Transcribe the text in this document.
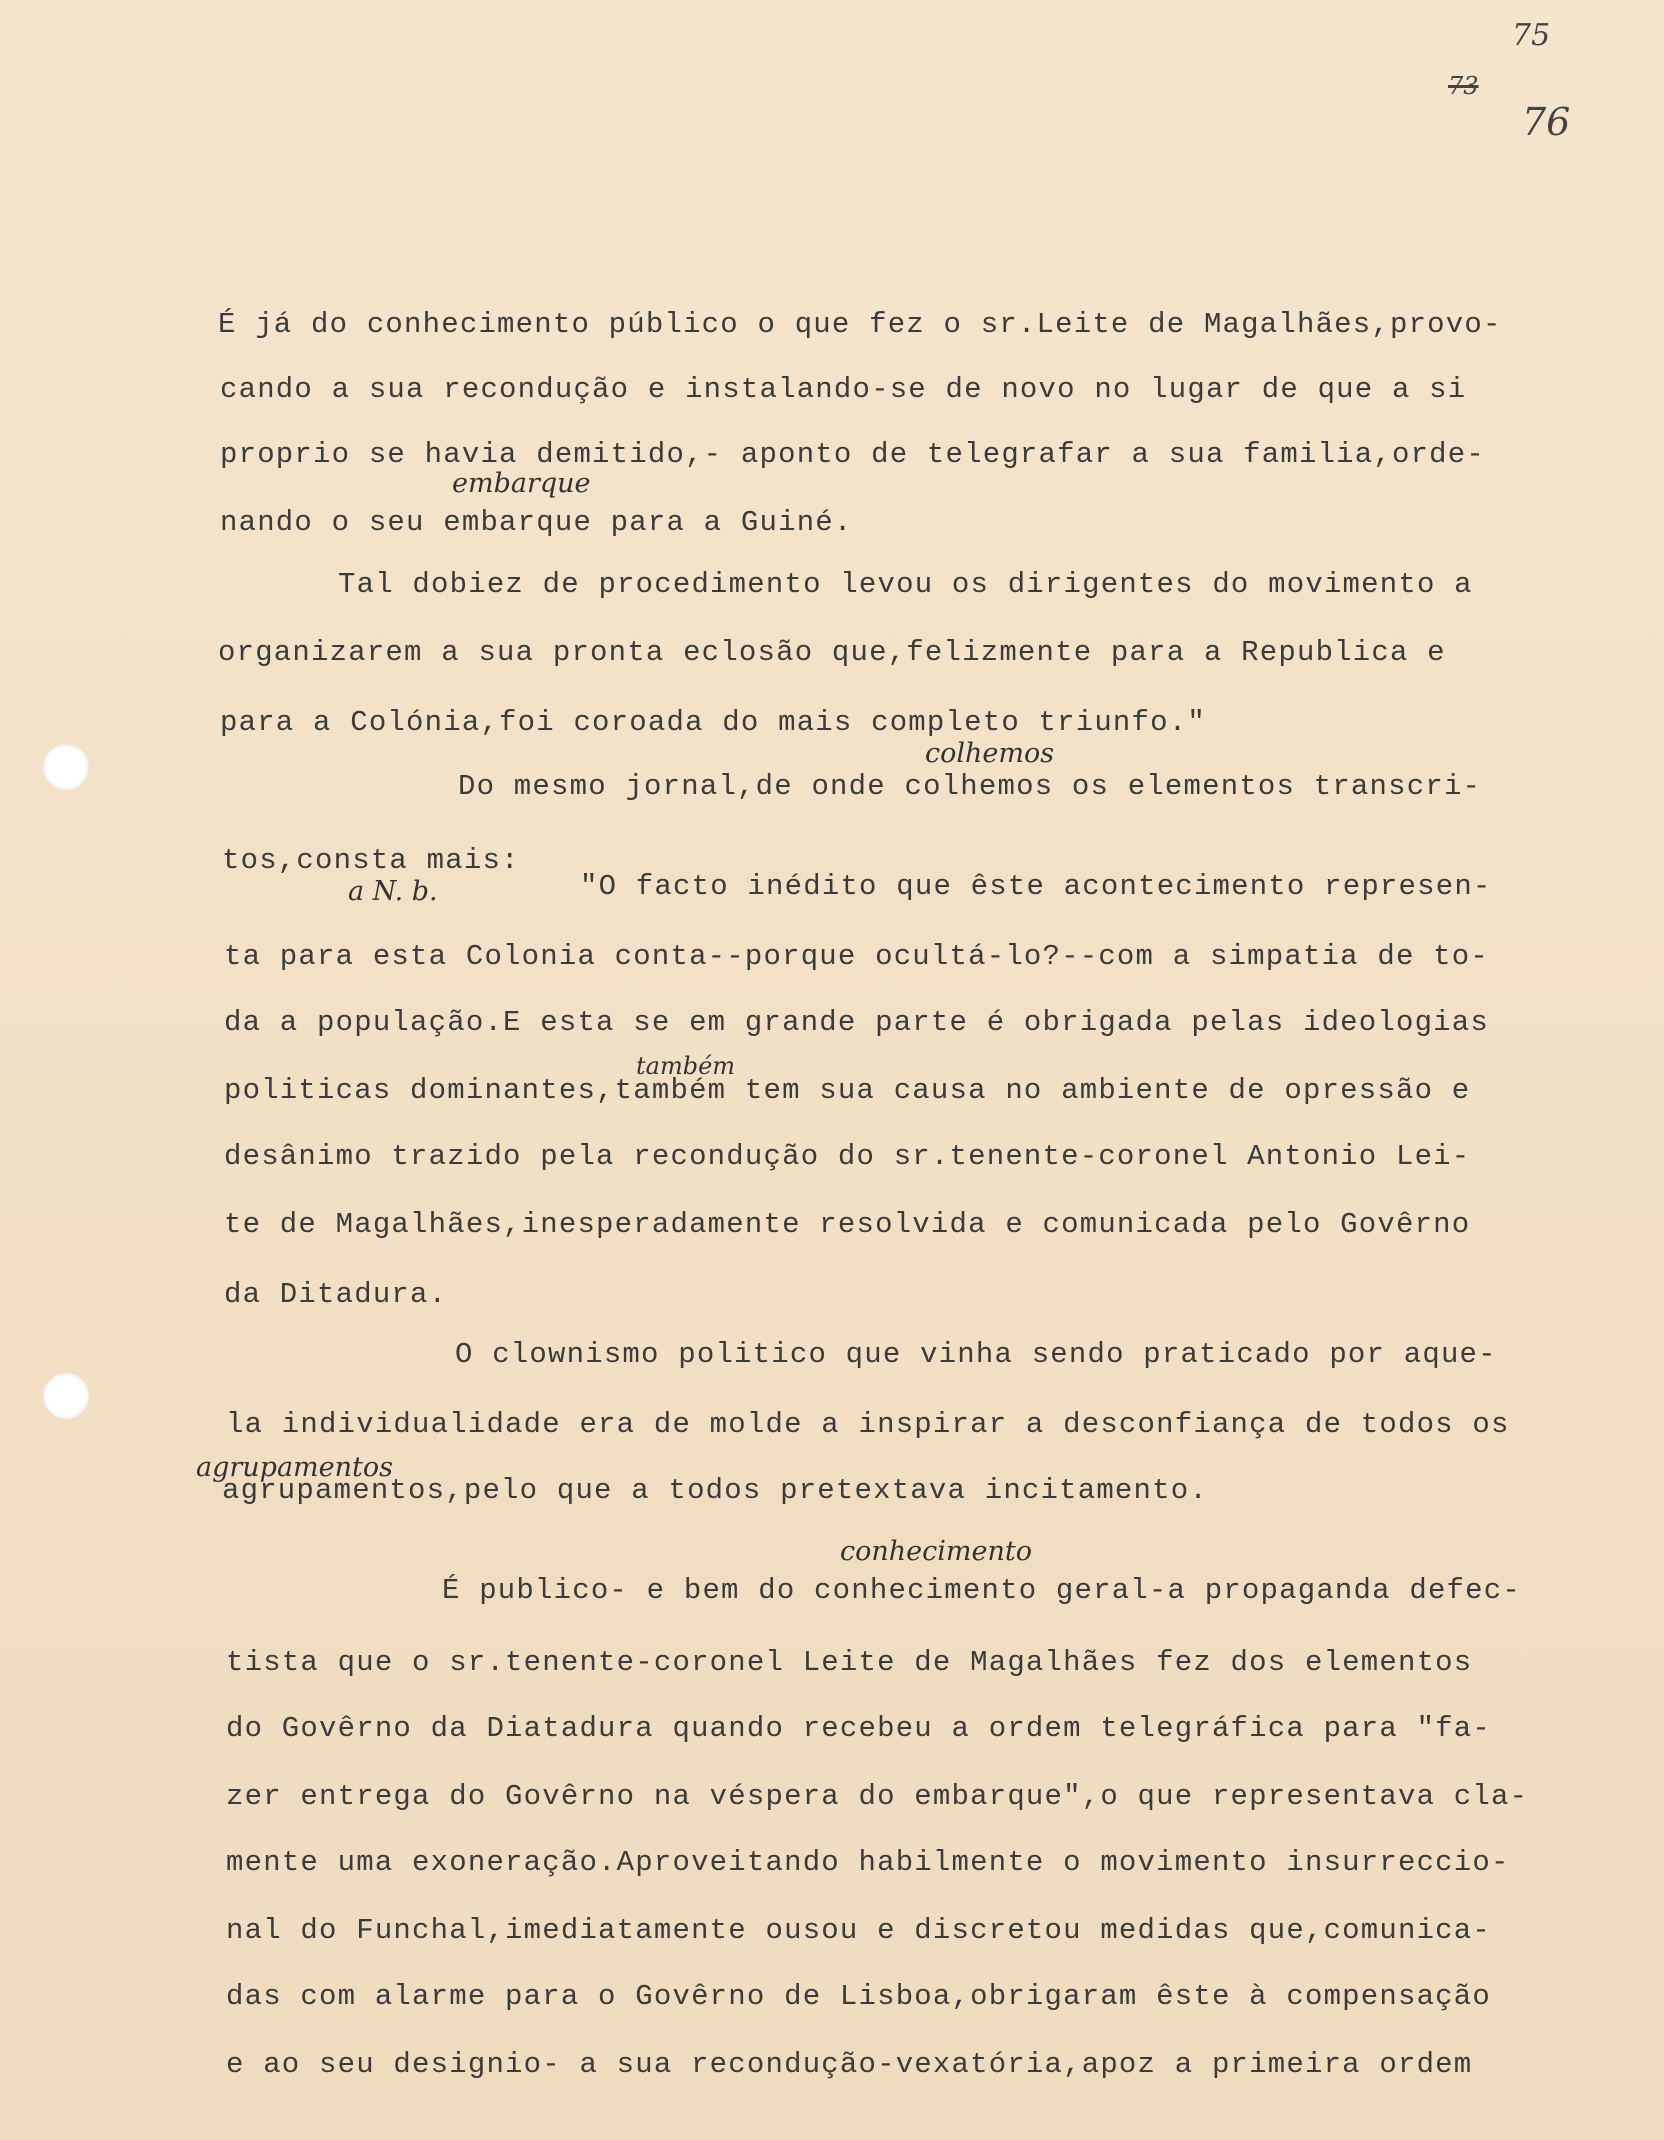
75
73
76
embarque
colhemos
a N. b.
também
agrupamentos
conhecimento
É já do conhecimento público o que fez o sr.Leite de Magalhães,provo-
cando a sua recondução e instalando-se de novo no lugar de que a si
proprio se havia demitido,- aponto de telegrafar a sua familia,orde-
nando o seu embarque para a Guiné.
Tal dobiez de procedimento levou os dirigentes do movimento a
organizarem a sua pronta eclosão que,felizmente para a Republica e
para a Colónia,foi coroada do mais completo triunfo."
Do mesmo jornal,de onde colhemos os elementos transcri-
tos,consta mais:
"O facto inédito que êste acontecimento represen-
ta para esta Colonia conta--porque ocultá-lo?--com a simpatia de to-
da a população.E esta se em grande parte é obrigada pelas ideologias
politicas dominantes,também tem sua causa no ambiente de opressão e
desânimo trazido pela recondução do sr.tenente-coronel Antonio Lei-
te de Magalhães,inesperadamente resolvida e comunicada pelo Govêrno
da Ditadura.
O clownismo politico que vinha sendo praticado por aque-
la individualidade era de molde a inspirar a desconfiança de todos os
agrupamentos,pelo que a todos pretextava incitamento.
É publico- e bem do conhecimento geral-a propaganda defec-
tista que o sr.tenente-coronel Leite de Magalhães fez dos elementos
do Govêrno da Diatadura quando recebeu a ordem telegráfica para "fa-
zer entrega do Govêrno na véspera do embarque",o que representava cla-
mente uma exoneração.Aproveitando habilmente o movimento insurreccio-
nal do Funchal,imediatamente ousou e discretou medidas que,comunica-
das com alarme para o Govêrno de Lisboa,obrigaram êste à compensação
e ao seu designio- a sua recondução-vexatória,apoz a primeira ordem
